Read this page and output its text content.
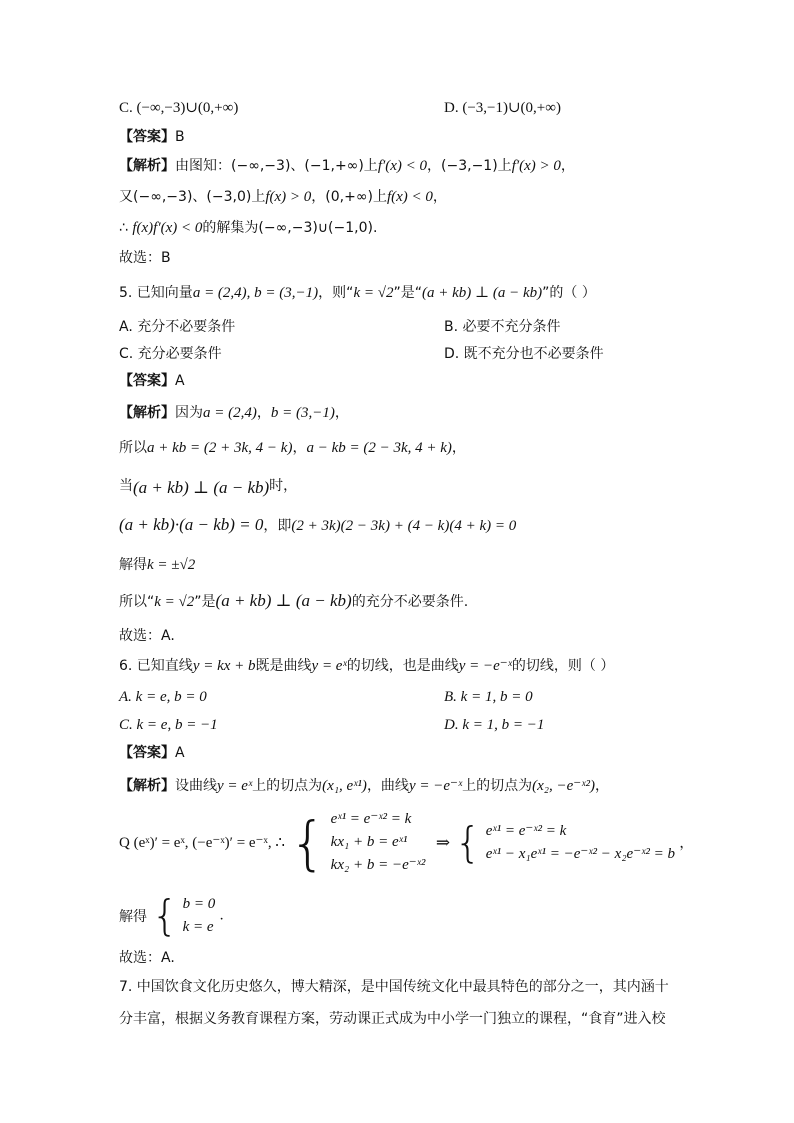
C. (−∞,−3)∪(0,+∞)	D. (−3,−1)∪(0,+∞)
【答案】B
【解析】由图知：(−∞,−3)、(−1,+∞)上f′(x) < 0，(−3,−1)上f′(x) > 0，
又(−∞,−3)、(−3,0)上f(x) > 0，(0,+∞)上f(x) < 0，
∴ f(x)f′(x) < 0的解集为(−∞,−3)∪(−1,0).
故选：B
5. 已知向量a = (2,4), b = (3,−1)，则“k = √2”是“(a + kb) ⊥ (a − kb)”的（ ）
A. 充分不必要条件	B. 必要不充分条件
C. 充分必要条件	D. 既不充分也不必要条件
【答案】A
【解析】因为a = (2,4)，b = (3,−1)，
所以a + kb = (2 + 3k, 4 − k)，a − kb = (2 − 3k, 4 + k)，
当(a + kb) ⊥ (a − kb)时，
(a + kb)·(a − kb) = 0，即(2 + 3k)(2 − 3k) + (4 − k)(4 + k) = 0
解得k = ±√2
所以“k = √2”是(a + kb) ⊥ (a − kb)的充分不必要条件.
故选：A.
6. 已知直线y = kx + b既是曲线y = eˣ的切线，也是曲线y = −e⁻ˣ的切线，则（ ）
A. k = e, b = 0	B. k = 1, b = 0
C. k = e, b = −1	D. k = 1, b = −1
【答案】A
【解析】设曲线y = eˣ上的切点为(x₁, eˣ¹)，曲线y = −e⁻ˣ上的切点为(x₂, −e⁻ˣ²)，
Q (eˣ)′ = eˣ, (−e⁻ˣ)′ = e⁻ˣ, ∴ { eˣ¹ = e⁻ˣ² = k
kx₁ + b = eˣ¹
kx₂ + b = −e⁻ˣ²
⇒ { eˣ¹ = e⁻ˣ² = k
eˣ¹ − x₁eˣ¹ = −e⁻ˣ² − x₂e⁻ˣ² = b
，
解得 { b = 0
k = e
.
故选：A.
7. 中国饮食文化历史悠久，博大精深，是中国传统文化中最具特色的部分之一，其内涵十
分丰富，根据义务教育课程方案，劳动课正式成为中小学一门独立的课程，“食育”进入校
